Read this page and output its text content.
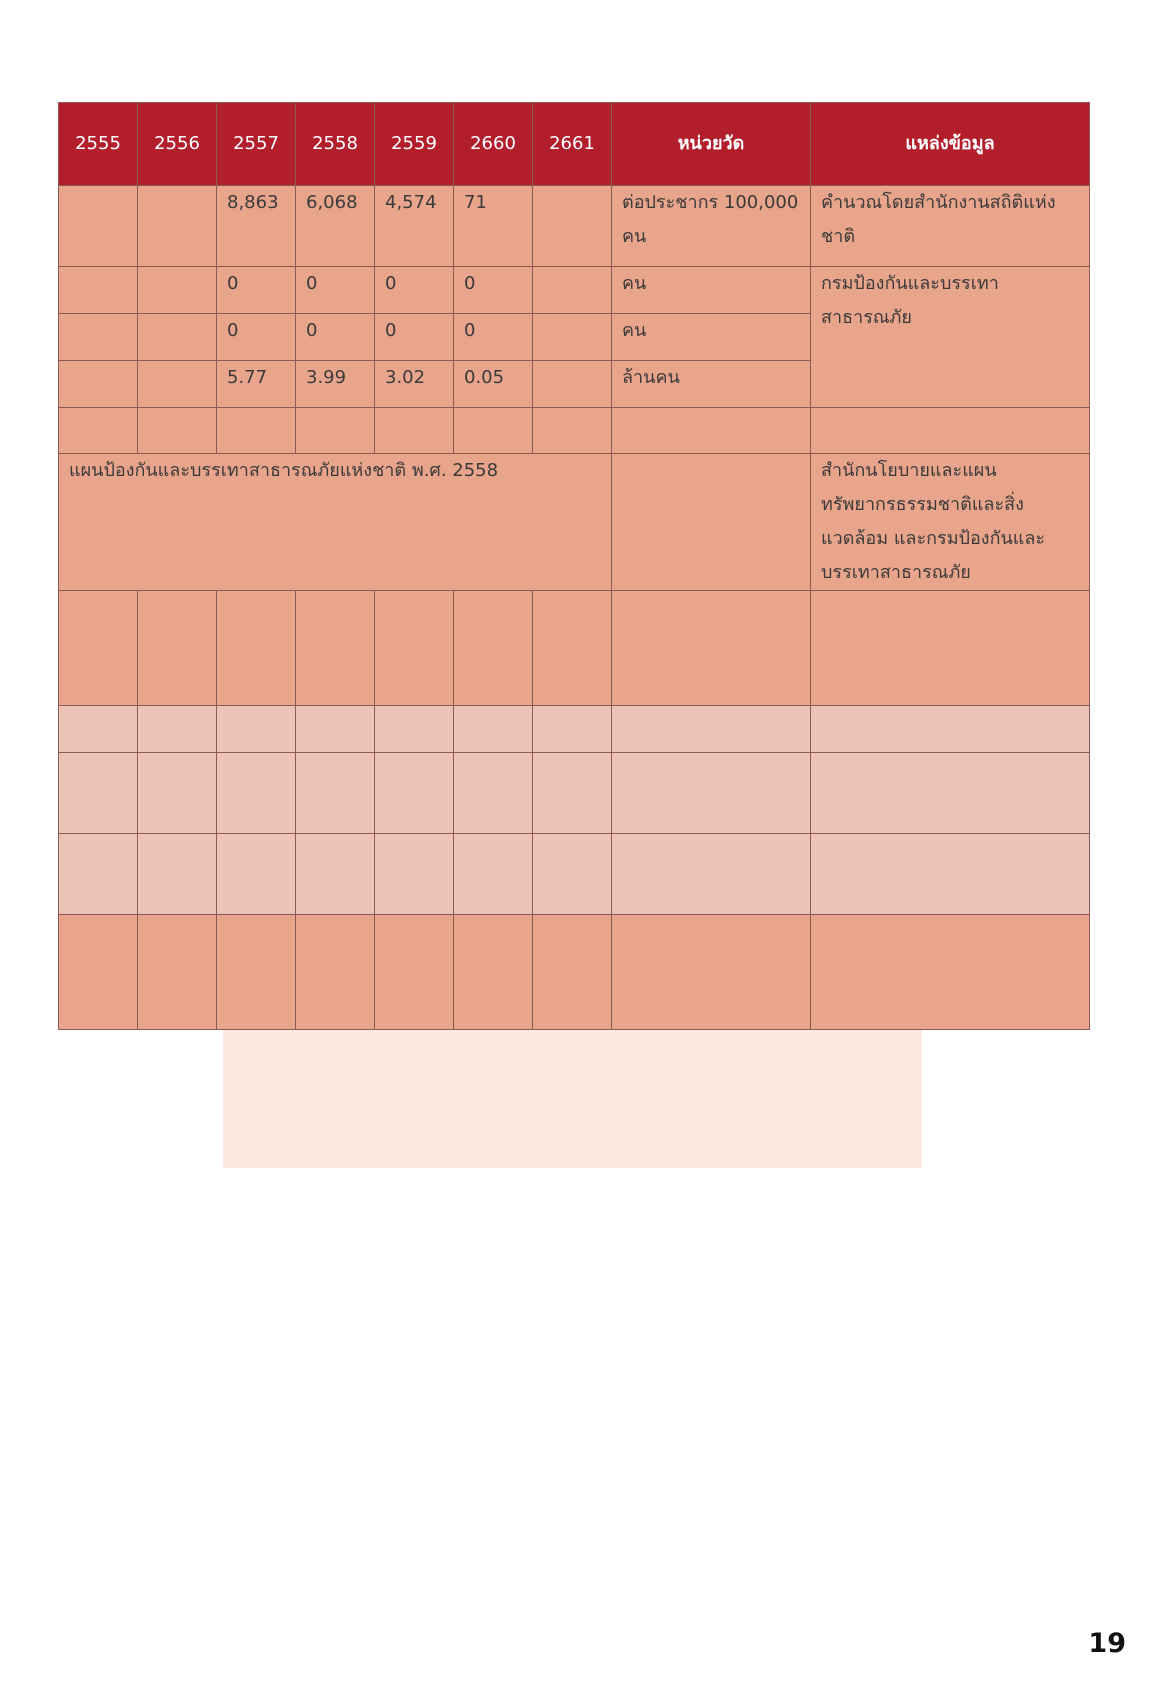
2555	2556	2557	2558	2559	2660	2661	หน่วยวัด	แหล่งข้อมูล
		8,863	6,068	4,574	71		ต่อประชากร 100,000 คน	คำนวณโดยสำนักงานสถิติแห่งชาติ
		0	0	0	0		คน	กรมป้องกันและบรรเทาสาธารณภัย
		0	0	0	0		คน	
		5.77	3.99	3.02	0.05		ล้านคน	

แผนป้องกันและบรรเทาสาธารณภัยแห่งชาติ พ.ศ. 2558								สำนักนโยบายและแผนทรัพยากรธรรมชาติและสิ่งแวดล้อม และกรมป้องกันและบรรเทาสาธารณภัย

19
